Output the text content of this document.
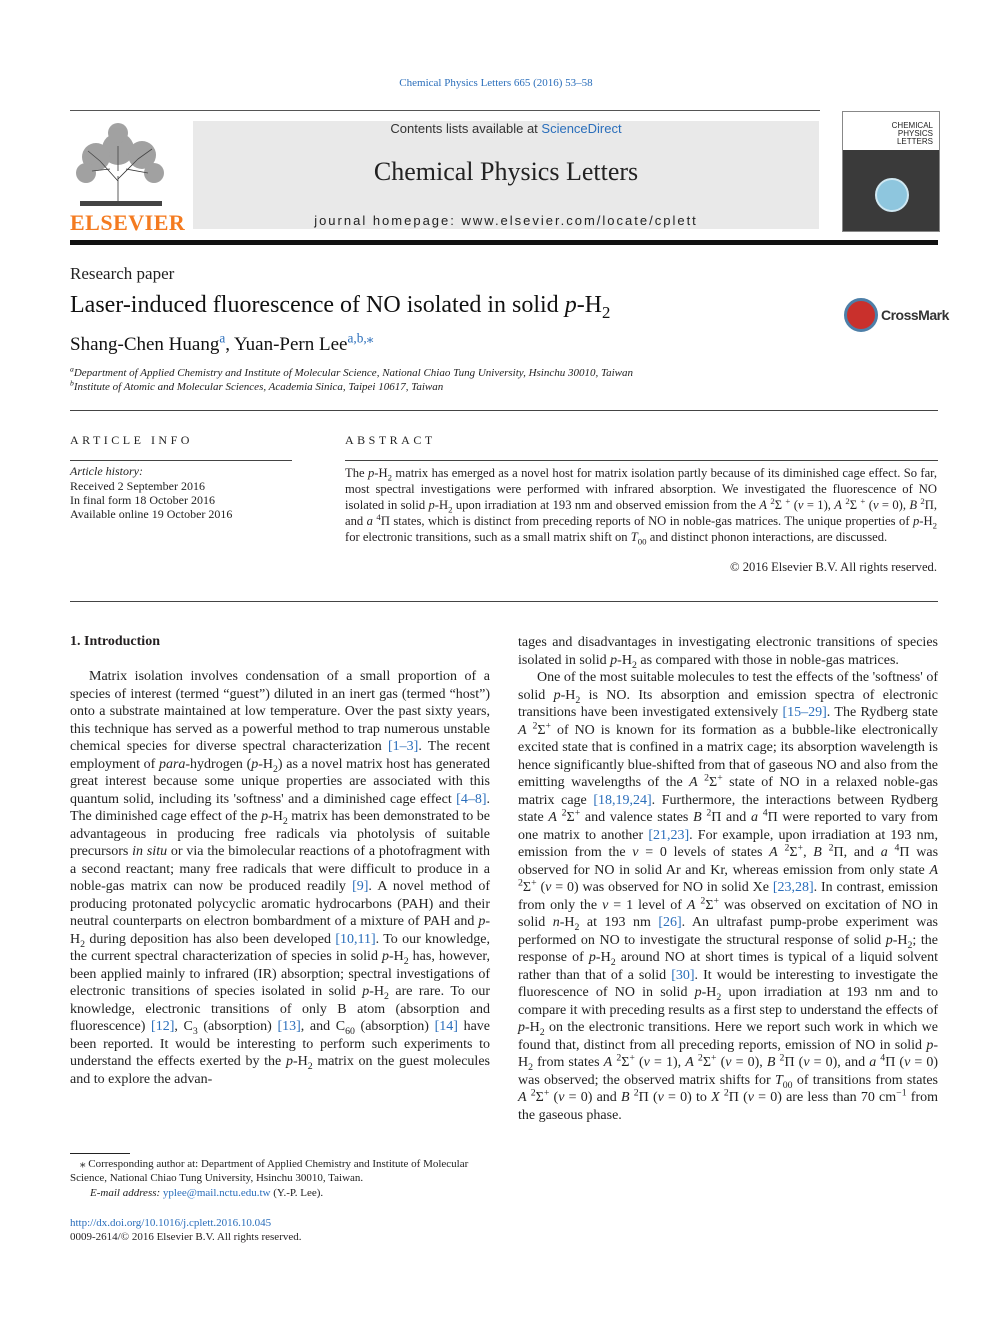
Chemical Physics Letters 665 (2016) 53–58
ELSEVIER
Contents lists available at ScienceDirect
Chemical Physics Letters
journal homepage: www.elsevier.com/locate/cplett
CHEMICAL PHYSICS LETTERS
Research paper
Laser-induced fluorescence of NO isolated in solid $p-H_2$	CrossMark
Shang-Chen Huang$^a$, Yuan-Pern Lee$^{a,b,⁎}$
$^a$Department of Applied Chemistry and Institute of Molecular Science, National Chiao Tung University, Hsinchu 30010, Taiwan
$^b$Institute of Atomic and Molecular Sciences, Academia Sinica, Taipei 10617, Taiwan
ARTICLE INFO
Article history:
Received 2 September 2016
In final form 18 October 2016
Available online 19 October 2016
ABSTRACT
The $p-H_2$ matrix has emerged as a novel host for matrix isolation partly because of its diminished cage effect. So far, most spectral investigations were performed with infrared absorption. We investigated the fluorescence of NO isolated in solid $p-H_2$ upon irradiation at 193 nm and observed emission from the A $^2$Σ + (v = 1), A $^2$Σ + (v = 0), B $^2$Π, and a $^4$Π states, which is distinct from preceding reports of NO in noble-gas matrices. The unique properties of $p-H_2$ for electronic transitions, such as a small matrix shift on $T_{00}$ and distinct phonon interactions, are discussed.
© 2016 Elsevier B.V. All rights reserved.
1. Introduction

Matrix isolation involves condensation of a small proportion of a species of interest (termed “guest”) diluted in an inert gas (termed “host”) onto a substrate maintained at low temperature. Over the past sixty years, this technique has served as a powerful method to trap numerous unstable chemical species for diverse spectral characterization [1–3]. The recent employment of para-hydrogen $(p-H_2)$ as a novel matrix host has generated great interest because some unique properties are associated with this quantum solid, including its 'softness' and a diminished cage effect [4–8]. The diminished cage effect of the $p-H_2$ matrix has been demonstrated to be advantageous in producing free radicals via photolysis of suitable precursors in situ or via the bimolecular reactions of a photofragment with a second reactant; many free radicals that were difficult to produce in a noble-gas matrix can now be produced readily [9]. A novel method of producing protonated polycyclic aromatic hydrocarbons (PAH) and their neutral counterparts on electron bombardment of a mixture of PAH and $p-H_2$ during deposition has also been developed [10,11]. To our knowledge, the current spectral characterization of species in solid $p-H_2$ has, however, been applied mainly to infrared (IR) absorption; spectral investigations of electronic transitions of species isolated in solid $p-H_2$ are rare. To our knowledge, electronic transitions of only B atom (absorption and fluorescence) [12], $C_3$ (absorption) [13], and $C_{60}$ (absorption) [14] have been reported. It would be interesting to perform such experiments to understand the effects exerted by the $p-H_2$ matrix on the guest molecules and to explore the advan-

tages and disadvantages in investigating electronic transitions of species isolated in solid $p-H_2$ as compared with those in noble-gas matrices.

One of the most suitable molecules to test the effects of the 'softness' of solid $p-H_2$ is NO. Its absorption and emission spectra of electronic transitions have been investigated extensively [15–29]. The Rydberg state A $^2$Σ+ of NO is known for its formation as a bubble-like electronically excited state that is confined in a matrix cage; its absorption wavelength is hence significantly blue-shifted from that of gaseous NO and also from the emitting wavelengths of the A $^2$Σ+ state of NO in a relaxed noble-gas matrix cage [18,19,24]. Furthermore, the interactions between Rydberg state A $^2$Σ+ and valence states B $^2$Π and a $^4$Π were reported to vary from one matrix to another [21,23]. For example, upon irradiation at 193 nm, emission from the v = 0 levels of states A $^2$Σ+, B $^2$Π, and a $^4$Π was observed for NO in solid Ar and Kr, whereas emission from only state A $^2$Σ+ (v = 0) was observed for NO in solid Xe [23,28]. In contrast, emission from only the v = 1 level of A $^2$Σ+ was observed on excitation of NO in solid $n-H_2$ at 193 nm [26]. An ultrafast pump-probe experiment was performed on NO to investigate the structural response of solid $p-H_2$; the response of $p-H_2$ around NO at short times is typical of a liquid solvent rather than that of a solid [30]. It would be interesting to investigate the fluorescence of NO in solid $p-H_2$ upon irradiation at 193 nm and to compare it with preceding results as a first step to understand the effects of $p-H_2$ on the electronic transitions. Here we report such work in which we found that, distinct from all preceding reports, emission of NO in solid $p-H_2$ from states A $^2$Σ+ (v = 1), A $^2$Σ+ (v = 0), B $^2$Π (v = 0), and a $^4$Π (v = 0) was observed; the observed matrix shifts for $T_{00}$ of transitions from states A $^2$Σ+ (v = 0) and B $^2$Π (v = 0) to X $^2$Π (v = 0) are less than 70 $cm^{-1}$ from the gaseous phase.

⁎ Corresponding author at: Department of Applied Chemistry and Institute of Molecular Science, National Chiao Tung University, Hsinchu 30010, Taiwan.
E-mail address: yplee@mail.nctu.edu.tw (Y.-P. Lee).
http://dx.doi.org/10.1016/j.cplett.2016.10.045
0009-2614/© 2016 Elsevier B.V. All rights reserved.
